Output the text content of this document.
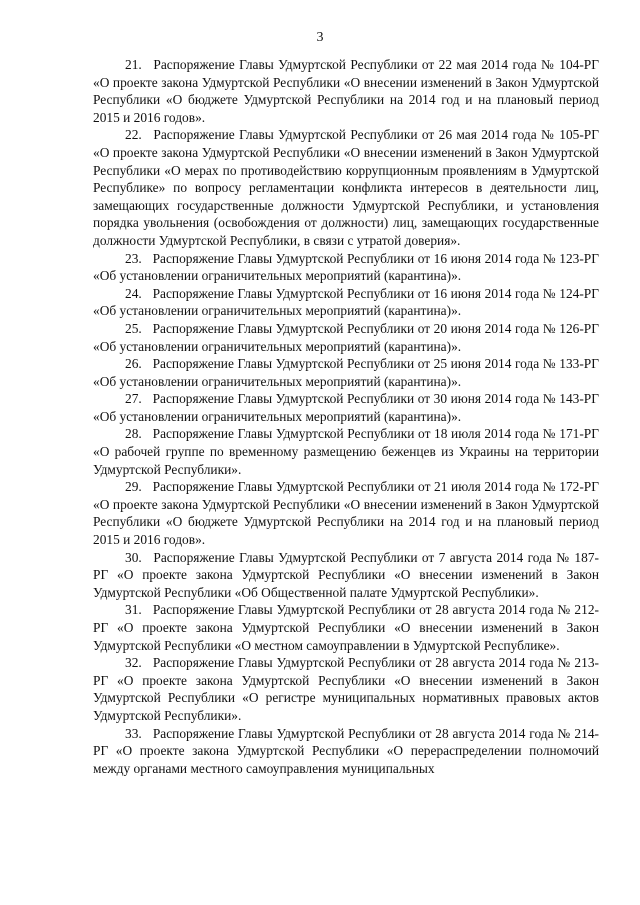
3

21. Распоряжение Главы Удмуртской Республики от 22 мая 2014 года № 104-РГ «О проекте закона Удмуртской Республики «О внесении изменений в Закон Удмуртской Республики «О бюджете Удмуртской Республики на 2014 год и на плановый период 2015 и 2016 годов».

22. Распоряжение Главы Удмуртской Республики от 26 мая 2014 года № 105-РГ «О проекте закона Удмуртской Республики «О внесении изменений в Закон Удмуртской Республики «О мерах по противодействию коррупционным проявлениям в Удмуртской Республике» по вопросу регламентации конфликта интересов в деятельности лиц, замещающих государственные должности Удмуртской Республики, и установления порядка увольнения (освобождения от должности) лиц, замещающих государственные должности Удмуртской Республики, в связи с утратой доверия».

23. Распоряжение Главы Удмуртской Республики от 16 июня 2014 года № 123-РГ «Об установлении ограничительных мероприятий (карантина)».

24. Распоряжение Главы Удмуртской Республики от 16 июня 2014 года № 124-РГ «Об установлении ограничительных мероприятий (карантина)».

25. Распоряжение Главы Удмуртской Республики от 20 июня 2014 года № 126-РГ «Об установлении ограничительных мероприятий (карантина)».

26. Распоряжение Главы Удмуртской Республики от 25 июня 2014 года № 133-РГ «Об установлении ограничительных мероприятий (карантина)».

27. Распоряжение Главы Удмуртской Республики от 30 июня 2014 года № 143-РГ «Об установлении ограничительных мероприятий (карантина)».

28. Распоряжение Главы Удмуртской Республики от 18 июля 2014 года № 171-РГ «О рабочей группе по временному размещению беженцев из Украины на территории Удмуртской Республики».

29. Распоряжение Главы Удмуртской Республики от 21 июля 2014 года № 172-РГ «О проекте закона Удмуртской Республики «О внесении изменений в Закон Удмуртской Республики «О бюджете Удмуртской Республики на 2014 год и на плановый период 2015 и 2016 годов».

30. Распоряжение Главы Удмуртской Республики от 7 августа 2014 года № 187-РГ «О проекте закона Удмуртской Республики «О внесении изменений в Закон Удмуртской Республики «Об Общественной палате Удмуртской Республики».

31. Распоряжение Главы Удмуртской Республики от 28 августа 2014 года № 212-РГ «О проекте закона Удмуртской Республики «О внесении изменений в Закон Удмуртской Республики «О местном самоуправлении в Удмуртской Республике».

32. Распоряжение Главы Удмуртской Республики от 28 августа 2014 года № 213-РГ «О проекте закона Удмуртской Республики «О внесении изменений в Закон Удмуртской Республики «О регистре муниципальных нормативных правовых актов Удмуртской Республики».

33. Распоряжение Главы Удмуртской Республики от 28 августа 2014 года № 214-РГ «О проекте закона Удмуртской Республики «О перераспределении полномочий между органами местного самоуправления муниципальных
